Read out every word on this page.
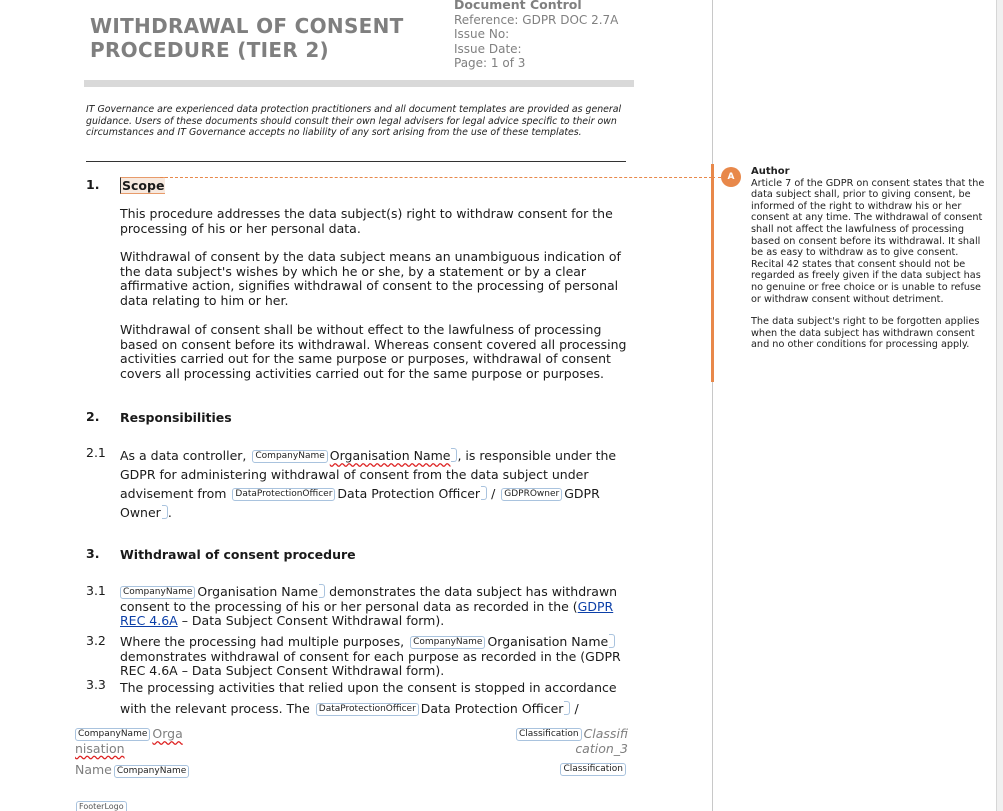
WITHDRAWAL OF CONSENT
PROCEDURE (TIER 2)
Document Control
Reference: GDPR DOC 2.7A
Issue No:
Issue Date:
Page: 1 of 3
IT Governance are experienced data protection practitioners and all document templates are provided as general guidance. Users of these documents should consult their own legal advisers for legal advice specific to their own circumstances and IT Governance accepts no liability of any sort arising from the use of these templates.
1. Scope
This procedure addresses the data subject(s) right to withdraw consent for the processing of his or her personal data.
Withdrawal of consent by the data subject means an unambiguous indication of the data subject's wishes by which he or she, by a statement or by a clear affirmative action, signifies withdrawal of consent to the processing of personal data relating to him or her.
Withdrawal of consent shall be without effect to the lawfulness of processing based on consent before its withdrawal. Whereas consent covered all processing activities carried out for the same purpose or purposes, withdrawal of consent covers all processing activities carried out for the same purpose or purposes.
2. Responsibilities
2.1 As a data controller, CompanyName Organisation Name , is responsible under the GDPR for administering withdrawal of consent from the data subject under advisement from DataProtectionOfficer Data Protection Officer / GDPROwner GDPR Owner .
3. Withdrawal of consent procedure
3.1	CompanyName Organisation Name demonstrates the data subject has withdrawn consent to the processing of his or her personal data as recorded in the (GDPR REC 4.6A – Data Subject Consent Withdrawal form).
3.2 Where the processing had multiple purposes, CompanyName Organisation Name demonstrates withdrawal of consent for each purpose as recorded in the (GDPR REC 4.6A – Data Subject Consent Withdrawal form).
3.3 The processing activities that relied upon the consent is stopped in accordance with the relevant process. The DataProtectionOfficer Data Protection Officer /
CompanyName Orga
nisation
Name CompanyName
Classification Classifi
cation_3
Classification
FooterLogo
A	Author

Article 7 of the GDPR on consent states that the data subject shall, prior to giving consent, be informed of the right to withdraw his or her consent at any time. The withdrawal of consent shall not affect the lawfulness of processing based on consent before its withdrawal. It shall be as easy to withdraw as to give consent. Recital 42 states that consent should not be regarded as freely given if the data subject has no genuine or free choice or is unable to refuse or withdraw consent without detriment.

The data subject's right to be forgotten applies when the data subject has withdrawn consent and no other conditions for processing apply.
